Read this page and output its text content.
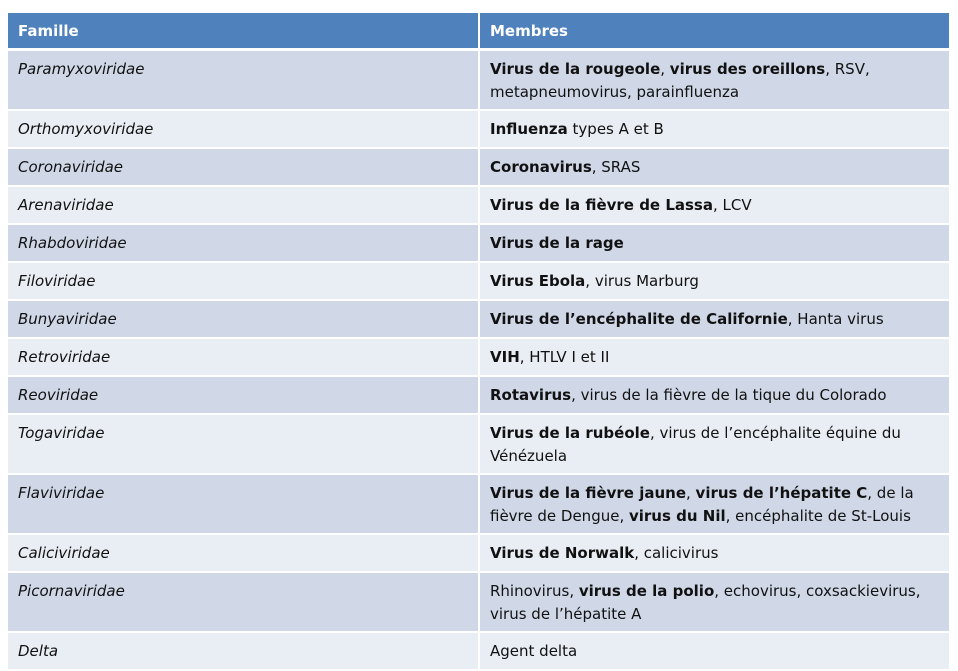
Famille	Membres
Paramyxoviridae	Virus de la rougeole, virus des oreillons, RSV, metapneumovirus, parainfluenza
Orthomyxoviridae	Influenza types A et B
Coronaviridae	Coronavirus, SRAS
Arenaviridae	Virus de la fièvre de Lassa, LCV
Rhabdoviridae	Virus de la rage
Filoviridae	Virus Ebola, virus Marburg
Bunyaviridae	Virus de l’encéphalite de Californie, Hanta virus
Retroviridae	VIH, HTLV I et II
Reoviridae	Rotavirus, virus de la fièvre de la tique du Colorado
Togaviridae	Virus de la rubéole, virus de l’encéphalite équine du Vénézuela
Flaviviridae	Virus de la fièvre jaune, virus de l’hépatite C, de la fièvre de Dengue, virus du Nil, encéphalite de St-Louis
Caliciviridae	Virus de Norwalk, calicivirus
Picornaviridae	Rhinovirus, virus de la polio, echovirus, coxsackievirus, virus de l’hépatite A
Delta	Agent delta
